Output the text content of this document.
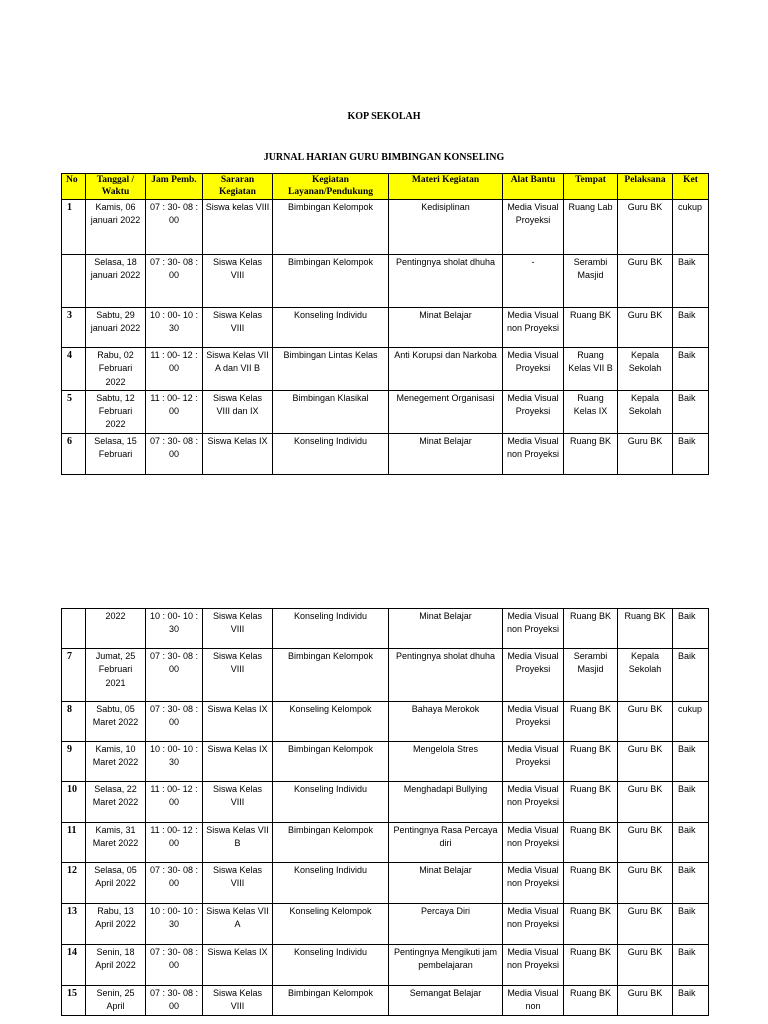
KOP SEKOLAH
JURNAL HARIAN GURU BIMBINGAN KONSELING
No	Tanggal / Waktu	Jam Pemb.	Sararan Kegiatan	Kegiatan Layanan/Pendukung	Materi Kegiatan	Alat Bantu	Tempat	Pelaksana	Ket
1	Kamis, 06 januari 2022	07 : 30- 08 : 00	Siswa kelas VIII	Bimbingan Kelompok	Kedisiplinan	Media Visual Proyeksi	Ruang Lab	Guru BK	cukup
	Selasa, 18 januari 2022	07 : 30- 08 : 00	Siswa Kelas VIII	Bimbingan Kelompok	Pentingnya sholat dhuha	-	Serambi Masjid	Guru BK	Baik
3	Sabtu, 29 januari 2022	10 : 00- 10 : 30	Siswa Kelas VIII	Konseling Individu	Minat Belajar	Media Visual non Proyeksi	Ruang BK	Guru BK	Baik
4	Rabu, 02 Februari 2022	11 : 00- 12 : 00	Siswa Kelas VII A dan VII B	Bimbingan Lintas Kelas	Anti Korupsi dan Narkoba	Media Visual Proyeksi	Ruang Kelas VII B	Kepala Sekolah	Baik
5	Sabtu, 12 Februari 2022	11 : 00- 12 : 00	Siswa Kelas VIII dan IX	Bimbingan Klasikal	Menegement Organisasi	Media Visual Proyeksi	Ruang Kelas IX	Kepala Sekolah	Baik
6	Selasa, 15 Februari	07 : 30- 08 : 00	Siswa Kelas IX	Konseling Individu	Minat Belajar	Media Visual non Proyeksi	Ruang BK	Guru BK	Baik
	2022	10 : 00- 10 : 30	Siswa Kelas VIII	Konseling Individu	Minat Belajar	Media Visual non Proyeksi	Ruang BK	Ruang BK	Baik
7	Jumat, 25 Februari 2021	07 : 30- 08 : 00	Siswa Kelas VIII	Bimbingan Kelompok	Pentingnya sholat dhuha	Media Visual Proyeksi	Serambi Masjid	Kepala Sekolah	Baik
8	Sabtu, 05 Maret 2022	07 : 30- 08 : 00	Siswa Kelas IX	Konseling Kelompok	Bahaya Merokok	Media Visual Proyeksi	Ruang BK	Guru BK	cukup
9	Kamis, 10 Maret 2022	10 : 00- 10 : 30	Siswa Kelas IX	Bimbingan Kelompok	Mengelola Stres	Media Visual Proyeksi	Ruang BK	Guru BK	Baik
10	Selasa, 22 Maret 2022	11 : 00- 12 : 00	Siswa Kelas VIII	Konseling Individu	Menghadapi Bullying	Media Visual non Proyeksi	Ruang BK	Guru BK	Baik
11	Kamis, 31 Maret 2022	11 : 00- 12 : 00	Siswa Kelas VII B	Bimbingan Kelompok	Pentingnya Rasa Percaya diri	Media Visual non Proyeksi	Ruang BK	Guru BK	Baik
12	Selasa, 05 April 2022	07 : 30- 08 : 00	Siswa Kelas VIII	Konseling Individu	Minat Belajar	Media Visual non Proyeksi	Ruang BK	Guru BK	Baik
13	Rabu, 13 April 2022	10 : 00- 10 : 30	Siswa Kelas VII A	Konseling Kelompok	Percaya Diri	Media Visual non Proyeksi	Ruang BK	Guru BK	Baik
14	Senin, 18 April 2022	07 : 30- 08 : 00	Siswa Kelas IX	Konseling Individu	Pentingnya Mengikuti jam pembelajaran	Media Visual non Proyeksi	Ruang BK	Guru BK	Baik
15	Senin, 25 April	07 : 30- 08 : 00	Siswa Kelas VIII	Bimbingan Kelompok	Semangat Belajar	Media Visual non	Ruang BK	Guru BK	Baik
